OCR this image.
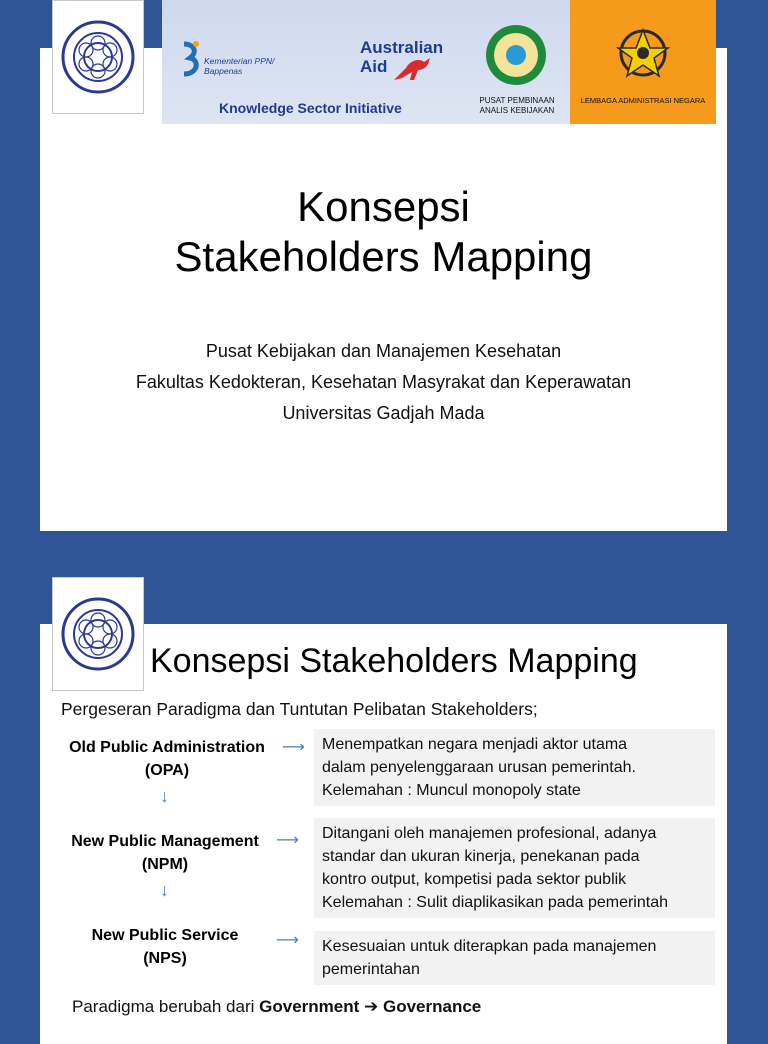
Kementerian PPN/
Bappenas
Knowledge Sector Initiative
Australian
Aid
PUSAT PEMBINAAN
ANALIS KEBIJAKAN
LEMBAGA ADMINISTRASI NEGARA
Konsepsi
Stakeholders Mapping
Pusat Kebijakan dan Manajemen Kesehatan
Fakultas Kedokteran, Kesehatan Masyrakat dan Keperawatan
Universitas Gadjah Mada
Konsepsi Stakeholders Mapping
Pergeseran Paradigma dan Tuntutan Pelibatan Stakeholders;
Old Public Administration
(OPA)
⟶ Menempatkan negara menjadi aktor utama
dalam penyelenggaraan urusan pemerintah.
Kelemahan : Muncul monopoly state
↓
New Public Management
(NPM)
⟶ Ditangani oleh manajemen profesional, adanya
standar dan ukuran kinerja, penekanan pada
kontro output, kompetisi pada sektor publik
Kelemahan : Sulit diaplikasikan pada pemerintah
↓
New Public Service
(NPS)
⟶ Kesesuaian untuk diterapkan pada manajemen
pemerintahan
Paradigma berubah dari Government ➔ Governance
